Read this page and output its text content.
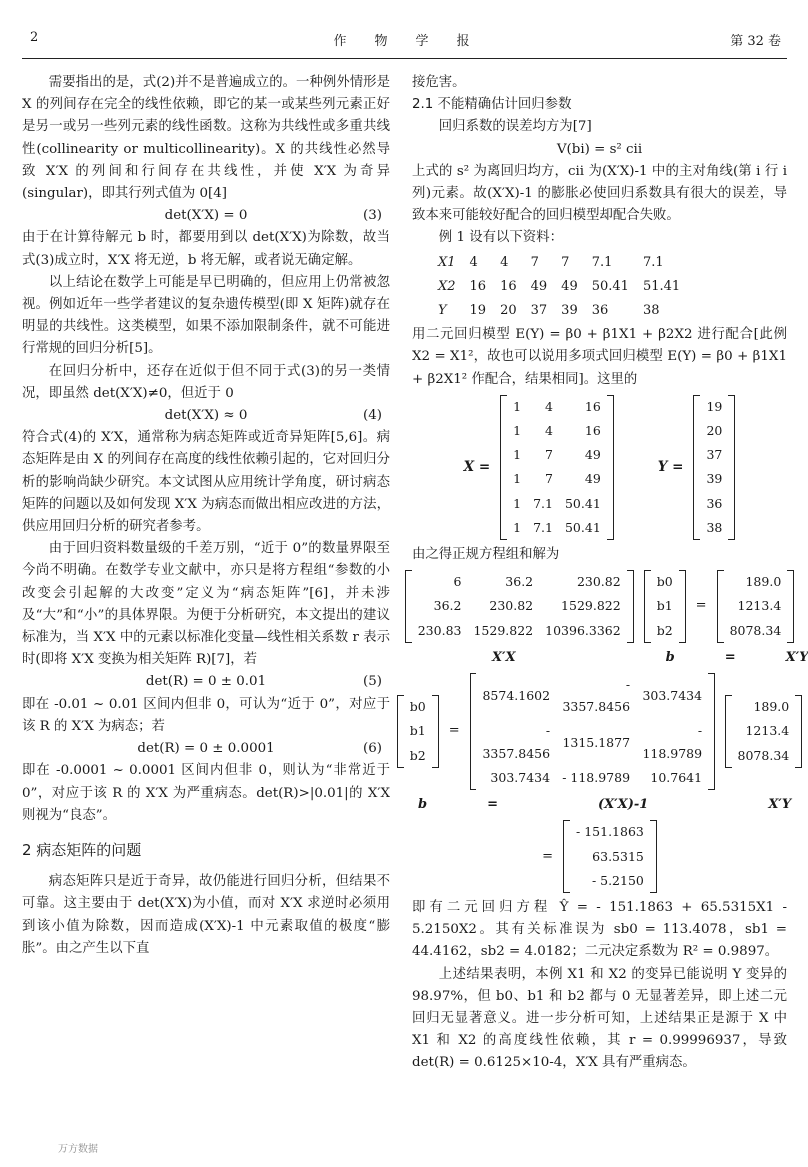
2	作物学报	第 32 卷

需要指出的是，式(2)并不是普遍成立的。一种例外情形是 X 的列间存在完全的线性依赖，即它的某一或某些列元素正好是另一或另一些列元素的线性函数。这称为共线性或多重共线性(collinearity or multicollinearity)。X 的共线性必然导致 X′X 的列间和行间存在共线性，并使 X′X 为奇异(singular)，即其行列式值为 0[4]

det(X′X) = 0	(3)

由于在计算待解元 b 时，都要用到以 det(X′X)为除数，故当式(3)成立时，X′X 将无逆，b 将无解，或者说无确定解。

以上结论在数学上可能是早已明确的，但应用上仍常被忽视。例如近年一些学者建议的复杂遗传模型(即 X 矩阵)就存在明显的共线性。这类模型，如果不添加限制条件，就不可能进行常规的回归分析[5]。

在回归分析中，还存在近似于但不同于式(3)的另一类情况，即虽然 det(X′X)≠0，但近于 0

det(X′X) ≈ 0	(4)

符合式(4)的 X′X，通常称为病态矩阵或近奇异矩阵[5,6]。病态矩阵是由 X 的列间存在高度的线性依赖引起的，它对回归分析的影响尚缺少研究。本文试图从应用统计学角度，研讨病态矩阵的问题以及如何发现 X′X 为病态而做出相应改进的方法，供应用回归分析的研究者参考。

由于回归资料数量级的千差万别，“近于 0”的数量界限至今尚不明确。在数学专业文献中，亦只是将方程组“参数的小改变会引起解的大改变”定义为“病态矩阵”[6]，并未涉及“大”和“小”的具体界限。为便于分析研究，本文提出的建议标准为，当 X′X 中的元素以标准化变量—线性相关系数 r 表示时(即将 X′X 变换为相关矩阵 R)[7]，若

det(R) = 0 ± 0.01	(5)

即在 -0.01 ~ 0.01 区间内但非 0，可认为“近于 0”，对应于该 R 的 X′X 为病态；若

det(R) = 0 ± 0.0001	(6)

即在 -0.0001 ~ 0.0001 区间内但非 0，则认为“非常近于 0”，对应于该 R 的 X′X 为严重病态。det(R)>|0.01|的 X′X 则视为“良态”。

2 病态矩阵的问题

病态矩阵只是近于奇异，故仍能进行回归分析，但结果不可靠。这主要由于 det(X′X)为小值，而对 X′X 求逆时必须用到该小值为除数，因而造成(X′X)-1 中元素取值的极度“膨胀”。由之产生以下直

接危害。

2.1 不能精确估计回归参数

回归系数的误差均方为[7]

V(bi) = s² cii

上式的 s² 为离回归均方，cii 为(X′X)-1 中的主对角线(第 i 行 i 列)元素。故(X′X)-1 的膨胀必使回归系数具有很大的误差，导致本来可能较好配合的回归模型却配合失败。

例 1 设有以下资料：

X1	4	4	7	7	7.1	7.1
X2	16	16	49	49	50.41	51.41
Y	19	20	37	39	36	38

用二元回归模型 E(Y) = β0 + β1X1 + β2X2 进行配合[此例 X2 = X1²，故也可以说用多项式回归模型 E(Y) = β0 + β1X1 + β2X1² 作配合，结果相同]。这里的

X =
1	4	16
1	4	16
1	7	49
1	7	49
1	7.1	50.41
1	7.1	50.41
Y =
19
20
37
39
36
38

由之得正规方程组和解为

6	36.2	230.82
36.2	230.82	1529.822
230.83	1529.822	10396.3362
b0
b1
b2
=
189.0
1213.4
8078.34
X′X	b	=	X′Y
b0
b1
b2
=
8574.1602	- 3357.8456	303.7434
- 3357.8456	1315.1877	- 118.9789
303.7434	- 118.9789	10.7641
189.0
1213.4
8078.34
b	=	(X′X)-1	X′Y
=
- 151.1863
63.5315
- 5.2150

即有二元回归方程 Ŷ = - 151.1863 + 65.5315X1 - 5.2150X2。其有关标准误为 sb0 = 113.4078，sb1 = 44.4162，sb2 = 4.0182；二元决定系数为 R² = 0.9897。

上述结果表明，本例 X1 和 X2 的变异已能说明 Y 变异的 98.97%，但 b0、b1 和 b2 都与 0 无显著差异，即上述二元回归无显著意义。进一步分析可知，上述结果正是源于 X 中 X1 和 X2 的高度线性依赖，其 r = 0.99996937，导致 det(R) = 0.6125×10-4，X′X 具有严重病态。

万方数据
